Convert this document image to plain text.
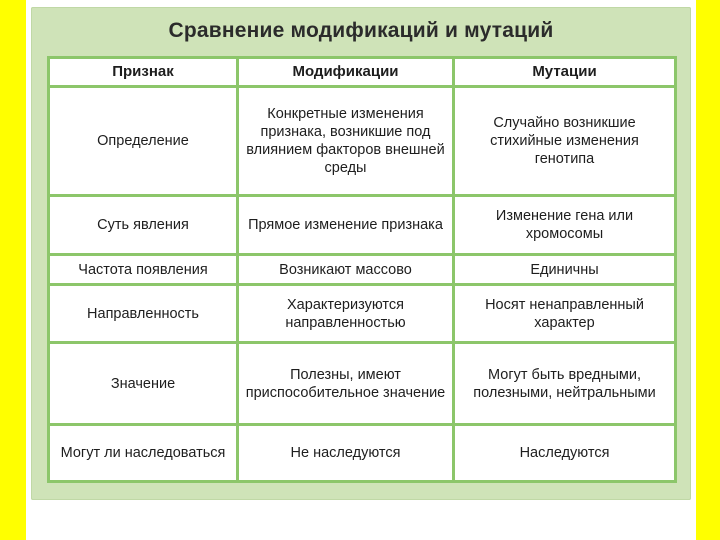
Сравнение модификаций и мутаций
Признак	Модификации	Мутации
Определение	Конкретные изменения признака, возникшие под влиянием факторов внешней среды	Случайно возникшие стихийные изменения генотипа
Суть явления	Прямое изменение признака	Изменение гена или хромосомы
Частота появления	Возникают массово	Единичны
Направленность	Характеризуются направленностью	Носят ненаправленный характер
Значение	Полезны, имеют приспособительное значение	Могут быть вредными, полезными, нейтральными
Могут ли наследоваться	Не наследуются	Наследуются
